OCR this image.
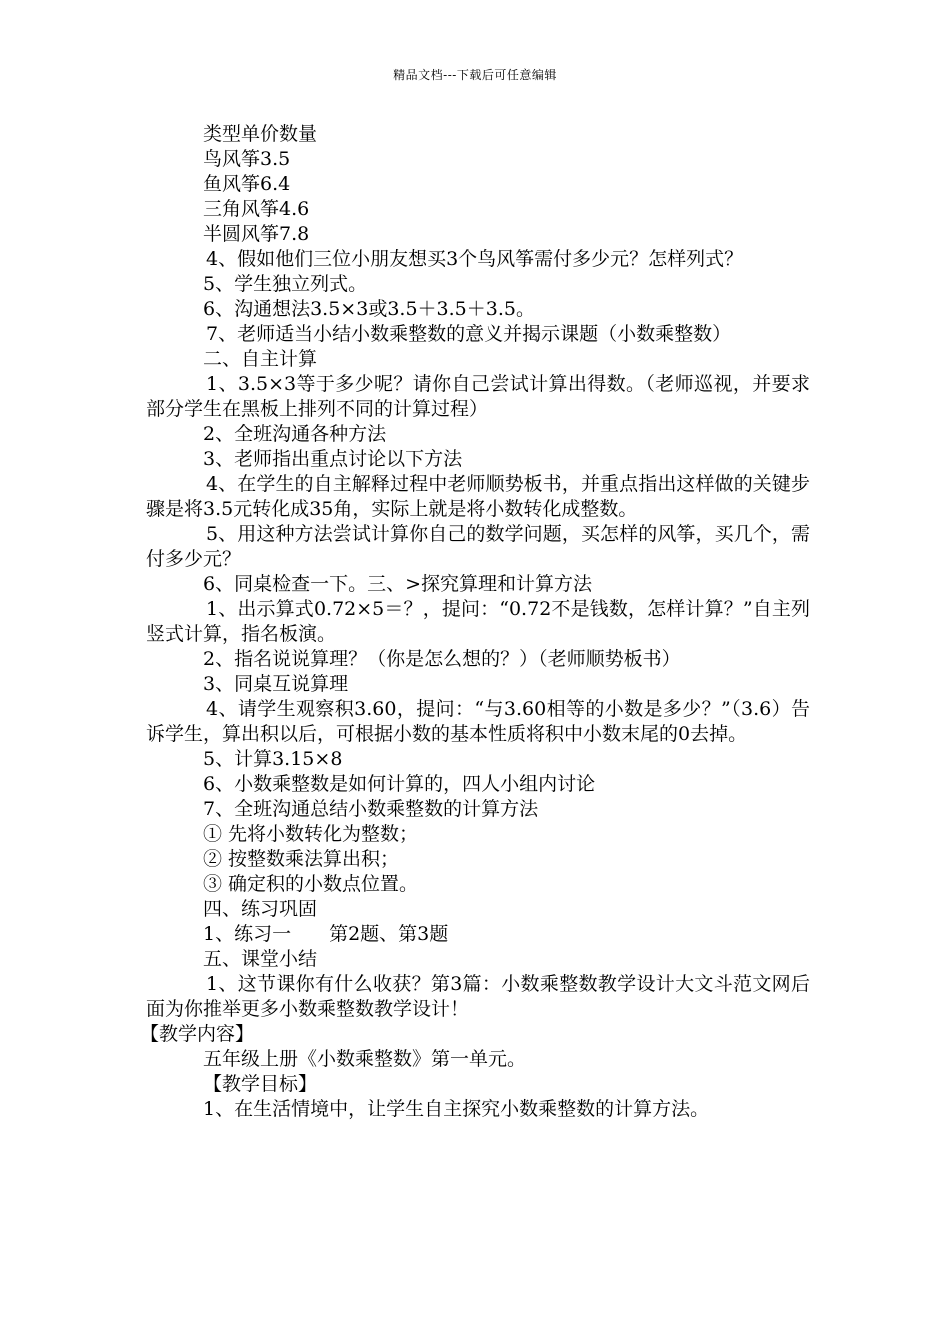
精品文档---下载后可任意编辑

类型单价数量

鸟风筝3.5

鱼风筝6.4

三角风筝4.6

半圆风筝7.8

4、假如他们三位小朋友想买3个鸟风筝需付多少元？怎样列式？

5、学生独立列式。

6、沟通想法3.5×3或3.5＋3.5＋3.5。

7、老师适当小结小数乘整数的意义并揭示课题（小数乘整数）

二、自主计算

1、3.5×3等于多少呢？请你自己尝试计算出得数。（老师巡视，并要求部分学生在黑板上排列不同的计算过程）

2、全班沟通各种方法

3、老师指出重点讨论以下方法

4、在学生的自主解释过程中老师顺势板书，并重点指出这样做的关键步骤是将3.5元转化成35角，实际上就是将小数转化成整数。

5、用这种方法尝试计算你自己的数学问题，买怎样的风筝，买几个，需付多少元？

6、同桌检查一下。三、>探究算理和计算方法

1、出示算式0.72×5＝？，提问：“0.72不是钱数，怎样计算？”自主列竖式计算，指名板演。

2、指名说说算理？（你是怎么想的？）（老师顺势板书）

3、同桌互说算理

4、请学生观察积3.60，提问：“与3.60相等的小数是多少？”（3.6）告诉学生，算出积以后，可根据小数的基本性质将积中小数末尾的0去掉。

5、计算3.15×8

6、小数乘整数是如何计算的，四人小组内讨论

7、全班沟通总结小数乘整数的计算方法

① 先将小数转化为整数；

② 按整数乘法算出积；

③ 确定积的小数点位置。

四、练习巩固

1、练习一　　第2题、第3题

五、课堂小结

1、这节课你有什么收获？第3篇：小数乘整数教学设计大文斗范文网后面为你推举更多小数乘整数教学设计！

【教学内容】

五年级上册《小数乘整数》第一单元。

【教学目标】

1、在生活情境中，让学生自主探究小数乘整数的计算方法。
